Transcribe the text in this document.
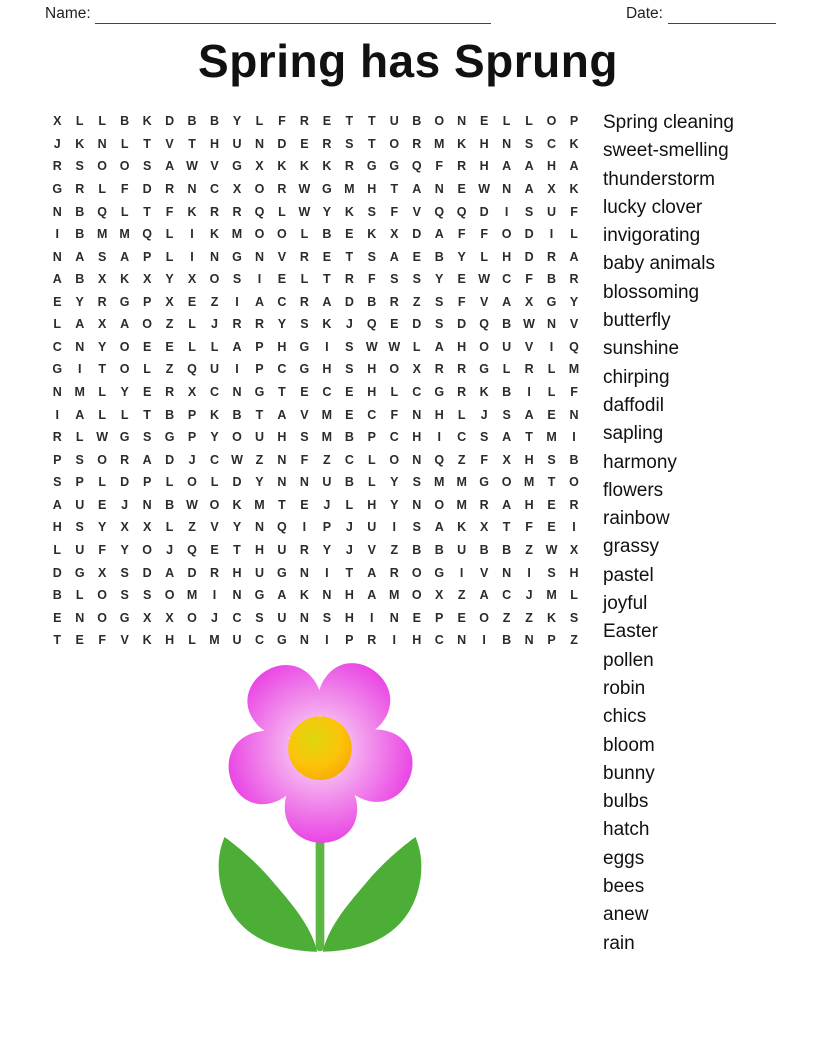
Name:	Date:
Spring has Sprung
X	L	L	B	K	D	B	B	Y	L	F	R	E	T	T	U	B	O	N	E	L	L	O	P
J	K	N	L	T	V	T	H	U	N	D	E	R	S	T	O	R	M	K	H	N	S	C	K
R	S	O	O	S	A W V	G	X	K	K	K	R	G	G	Q	F	R	H	A	A	H	A
G	R	L	F	D	R	N	C	X	O	R W G M	H	T	A	N	E W N	A	X	K
N	B	Q	L	T	F	K	R	R	Q	L	W Y	K	S	F	V	Q	Q	D	I	S	U	F
I	B	M M Q	L	I	K	M O	O	L	B	E	K	X	D	A	F	F	O	D	I	L
N	A	S	A	P	L	I	N	G	N	V	R	E	T	S	A	E	B	Y	L	H	D	R	A
A	B	X	K	X	Y	X	O	S	I	E	L	T	R	F	S	S	Y	E W C	F	B	R
E	Y	R	G	P	X	E	Z	I	A	C	R	A	D	B	R	Z	S	F	V	A	X	G	Y
L	A	X	A	O	Z	L	J	R	R	Y	S	K	J	Q	E	D	S	D	Q	B W N	V
C	N	Y	O	E	E	L	L	A	P	H	G	I	S W W	L	A	H	O	U	V	I	Q
G	I	T	O	L	Z	Q	U	I	P	C	G	H	S	H	O	X	R	R	G	L	R	L	M
N	M	L	Y	E	R	X	C	N	G	T	E	C	E	H	L	C	G	R	K	B	I	L	F
I	A	L	L	T	B	P	K	B	T	A	V	M	E	C	F	N	H	L	J	S	A	E	N
R	L	W G	S	G	P	Y	O	U	H	S	M	B	P	C	H	I	C	S	A	T	M	I
P	S	O	R	A	D	J	C W	Z	N	F	Z	C	L	O	N	Q	Z	F	X	H	S	B
S	P	L	D	P	L	O	L	D	Y	N	N	U	B	L	Y	S	M M G	O M	T	O
A	U	E	J	N	B W O	K	M	T	E	J	L	H	Y	N	O M	R	A	H	E	R
H	S	Y	X	X	L	Z	V	Y	N	Q	I	P	J	U	I	S	A	K	X	T	F	E	I
L	U	F	Y	O	J	Q	E	T	H	U	R	Y	J	V	Z	B	B	U	B	B	Z	W X
D	G	X	S	D	A	D	R	H	U	G	N	I	T	A	R	O	G	I	V	N	I	S	H
B	L	O	S	S	O M	I	N	G	A	K	N	H	A	M O	X	Z	A	C	J	M	L
E	N	O	G	X	X	O	J	C	S	U	N	S	H	I	N	E	P	E	O	Z	Z	K	S
T	E	F	V	K	H	L	M	U	C	G	N	I	P	R	I	H	C	N	I	B	N	P	Z
Spring cleaning
sweet-smelling
thunderstorm
lucky clover
invigorating
baby animals
blossoming
butterfly
sunshine
chirping
daffodil
sapling
harmony
flowers
rainbow
grassy
pastel
joyful
Easter
pollen
robin
chics
bloom
bunny
bulbs
hatch
eggs
bees
anew
rain
